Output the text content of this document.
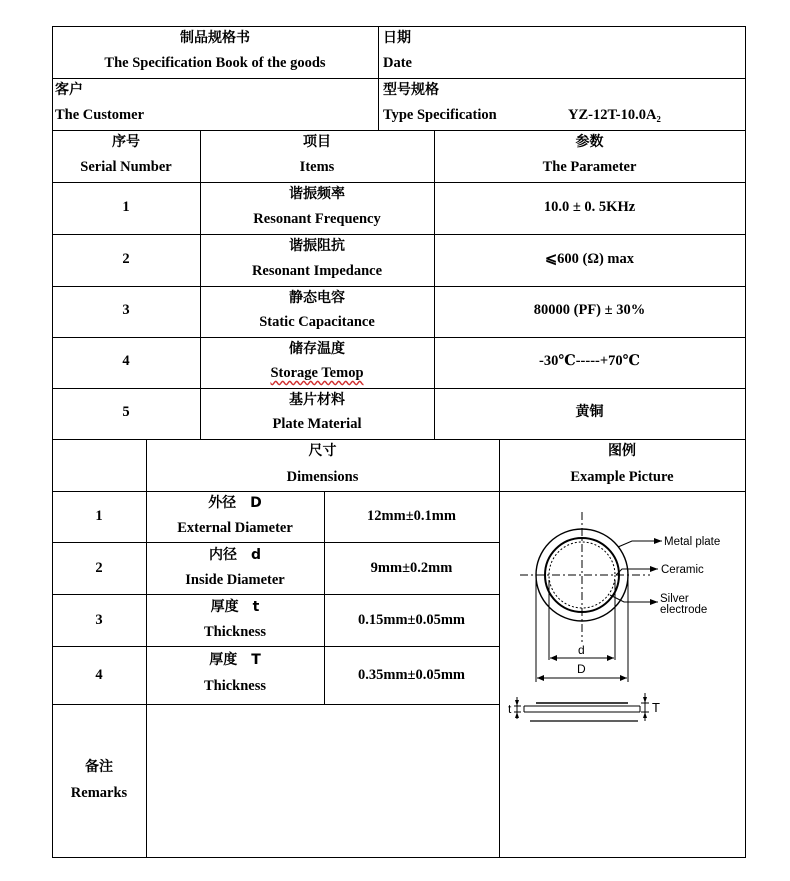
制品规格书
The Specification Book of the goods
日期
Date
客户
The Customer
型号规格
Type Specification	YZ-12T-10.0A₂
序号
Serial Number
项目
Items
参数
The Parameter
1
谐振频率
Resonant Frequency
10.0 ± 0. 5KHz
2
谐振阻抗
Resonant Impedance
⩽600 (Ω) max
3
静态电容
Static Capacitance
80000 (PF) ± 30%
4
储存温度
Storage Temop
-30℃-----+70℃
5
基片材料
Plate Material
黄铜
尺寸
Dimensions
图例
Example Picture
1
外径　D
External Diameter
12mm±0.1mm
2
内径　d
Inside Diameter
9mm±0.2mm
3
厚度　t
Thickness
0.15mm±0.05mm
4
厚度　T
Thickness
0.35mm±0.05mm
备注
Remarks
Metal plate
Ceramic
Silver
electrode
d
D
t	T
